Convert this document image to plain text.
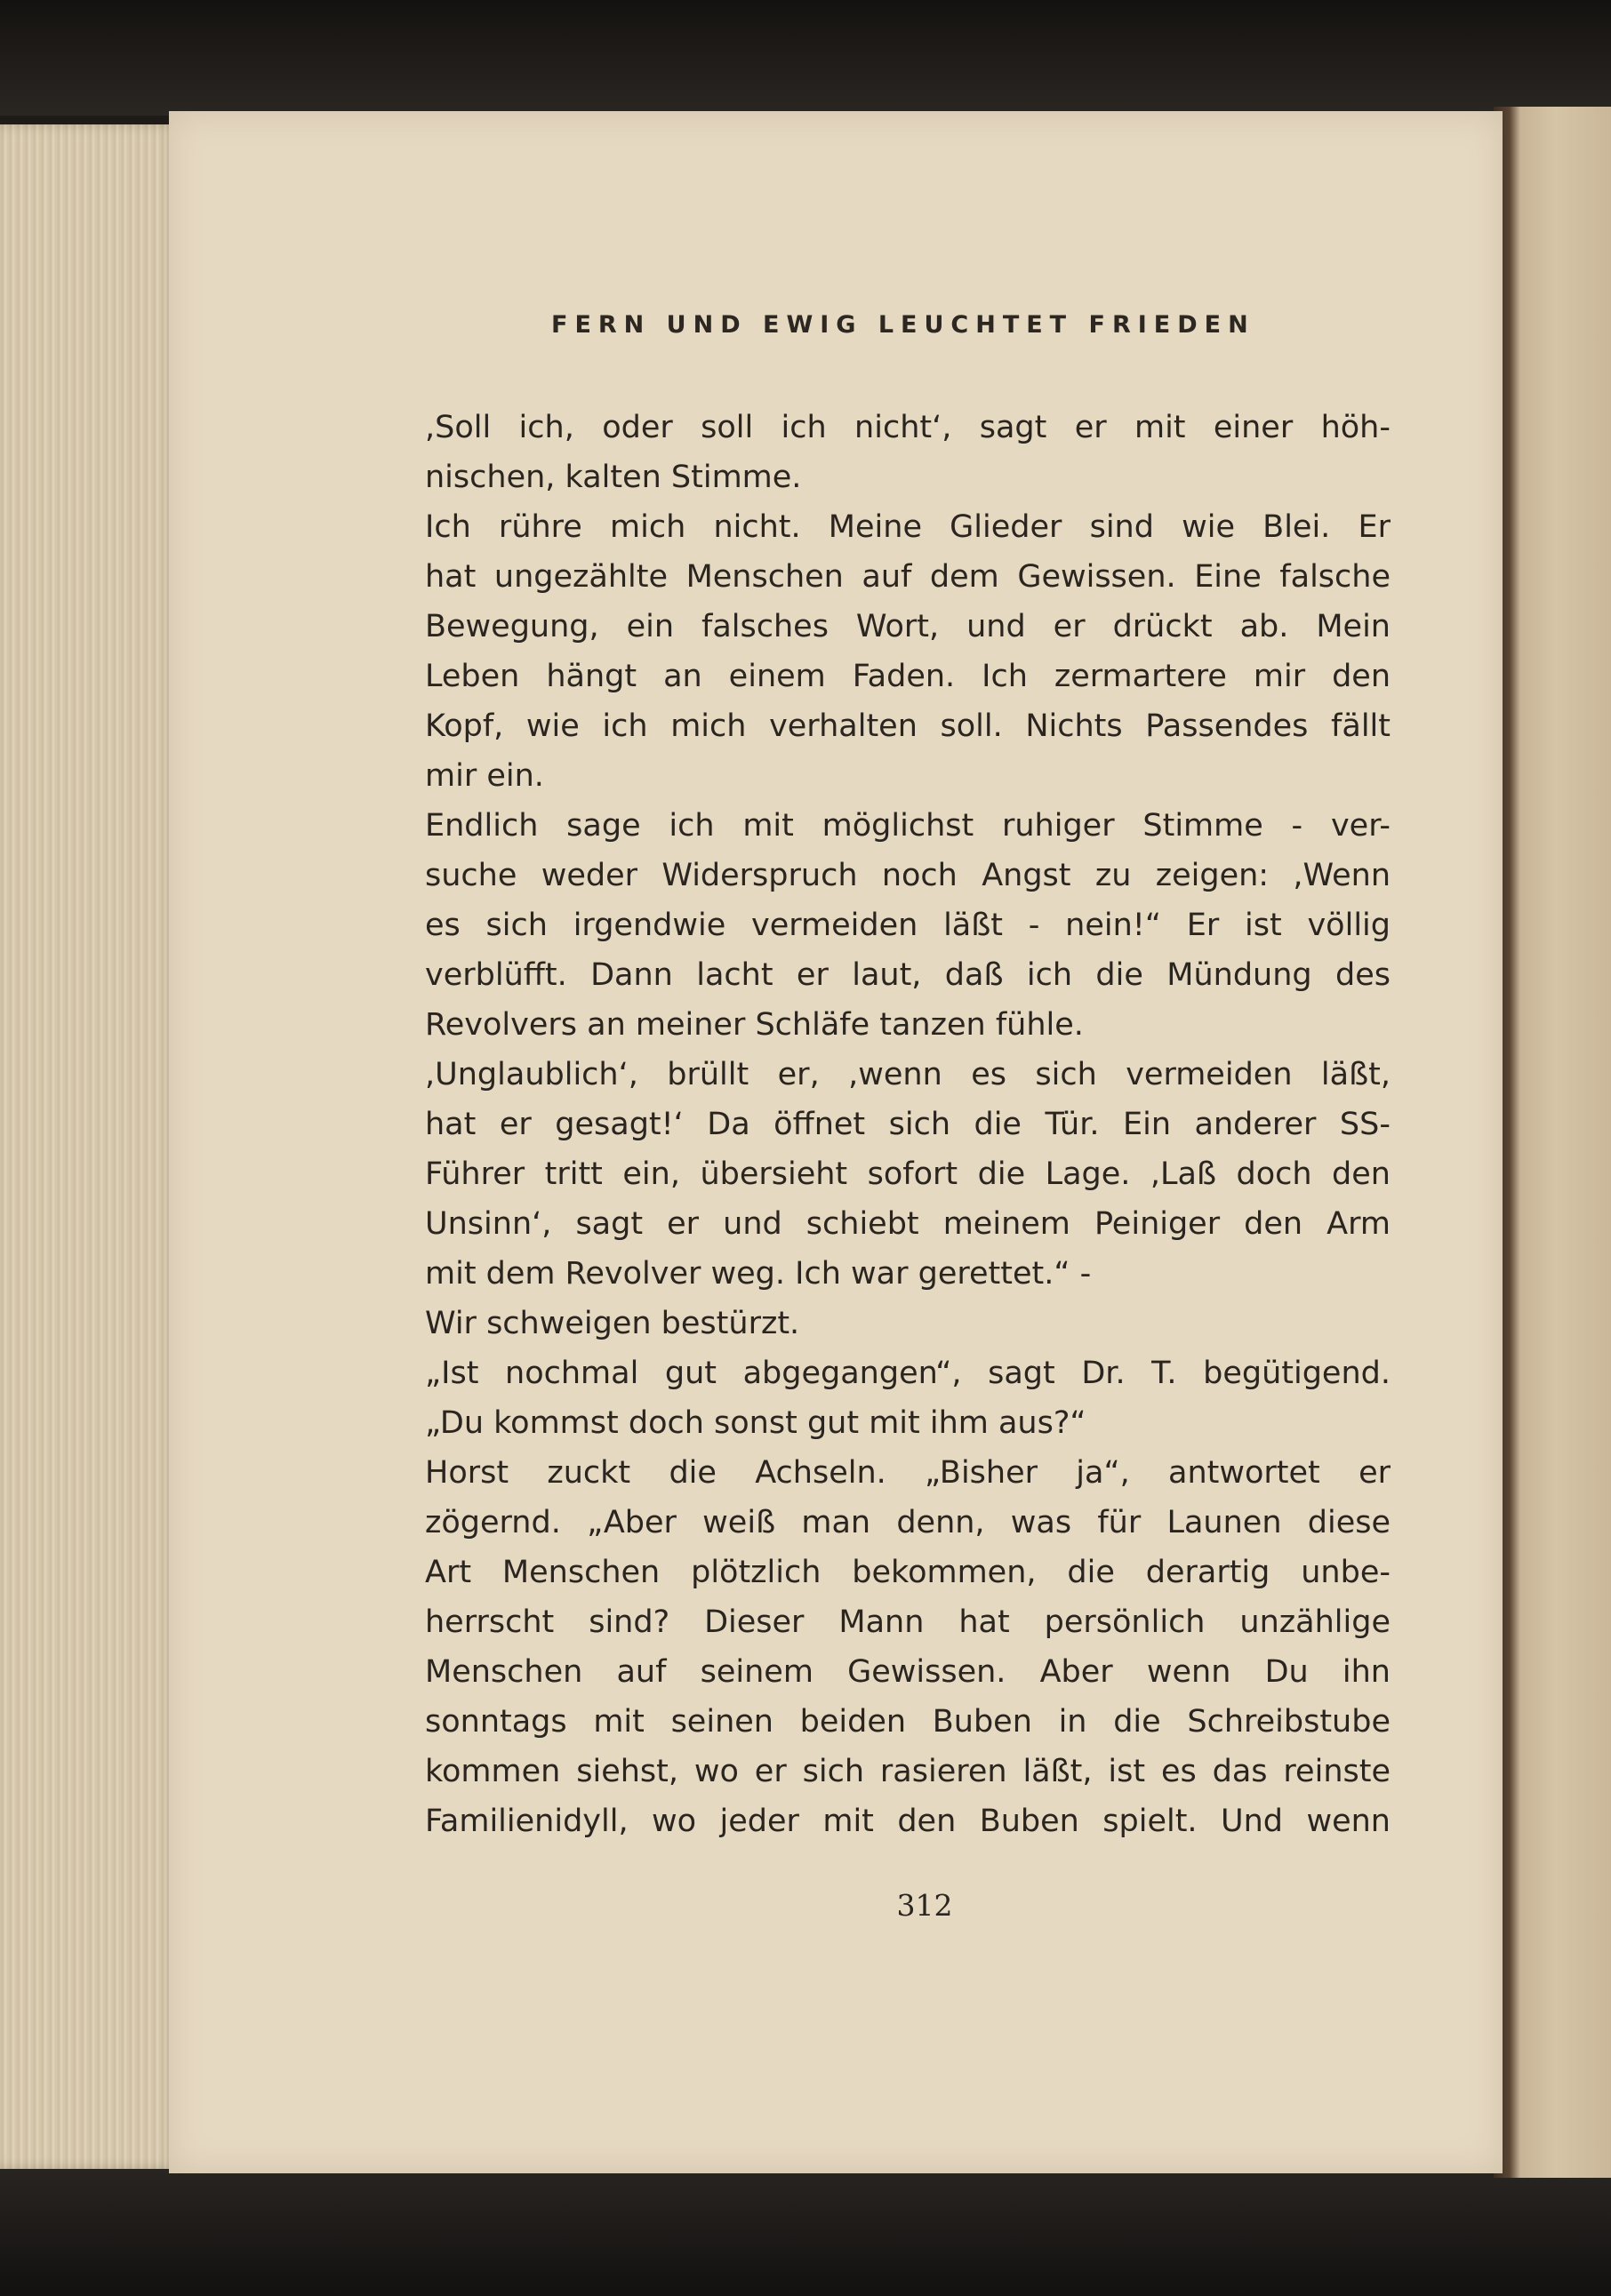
FERN UND EWIG LEUCHTET FRIEDEN
,Soll ich, oder soll ich nicht‘, sagt er mit einer höh-
nischen, kalten Stimme.
Ich rühre mich nicht. Meine Glieder sind wie Blei. Er
hat ungezählte Menschen auf dem Gewissen. Eine falsche
Bewegung, ein falsches Wort, und er drückt ab. Mein
Leben hängt an einem Faden. Ich zermartere mir den
Kopf, wie ich mich verhalten soll. Nichts Passendes fällt
mir ein.
Endlich sage ich mit möglichst ruhiger Stimme - ver-
suche weder Widerspruch noch Angst zu zeigen: ,Wenn
es sich irgendwie vermeiden läßt - nein!“ Er ist völlig
verblüfft. Dann lacht er laut, daß ich die Mündung des
Revolvers an meiner Schläfe tanzen fühle.
,Unglaublich‘, brüllt er, ,wenn es sich vermeiden läßt,
hat er gesagt!‘ Da öffnet sich die Tür. Ein anderer SS-
Führer tritt ein, übersieht sofort die Lage. ,Laß doch den
Unsinn‘, sagt er und schiebt meinem Peiniger den Arm
mit dem Revolver weg. Ich war gerettet.“ -
Wir schweigen bestürzt.
„Ist nochmal gut abgegangen“, sagt Dr. T. begütigend.
„Du kommst doch sonst gut mit ihm aus?“
Horst zuckt die Achseln. „Bisher ja“, antwortet er
zögernd. „Aber weiß man denn, was für Launen diese
Art Menschen plötzlich bekommen, die derartig unbe-
herrscht sind? Dieser Mann hat persönlich unzählige
Menschen auf seinem Gewissen. Aber wenn Du ihn
sonntags mit seinen beiden Buben in die Schreibstube
kommen siehst, wo er sich rasieren läßt, ist es das reinste
Familienidyll, wo jeder mit den Buben spielt. Und wenn
312
